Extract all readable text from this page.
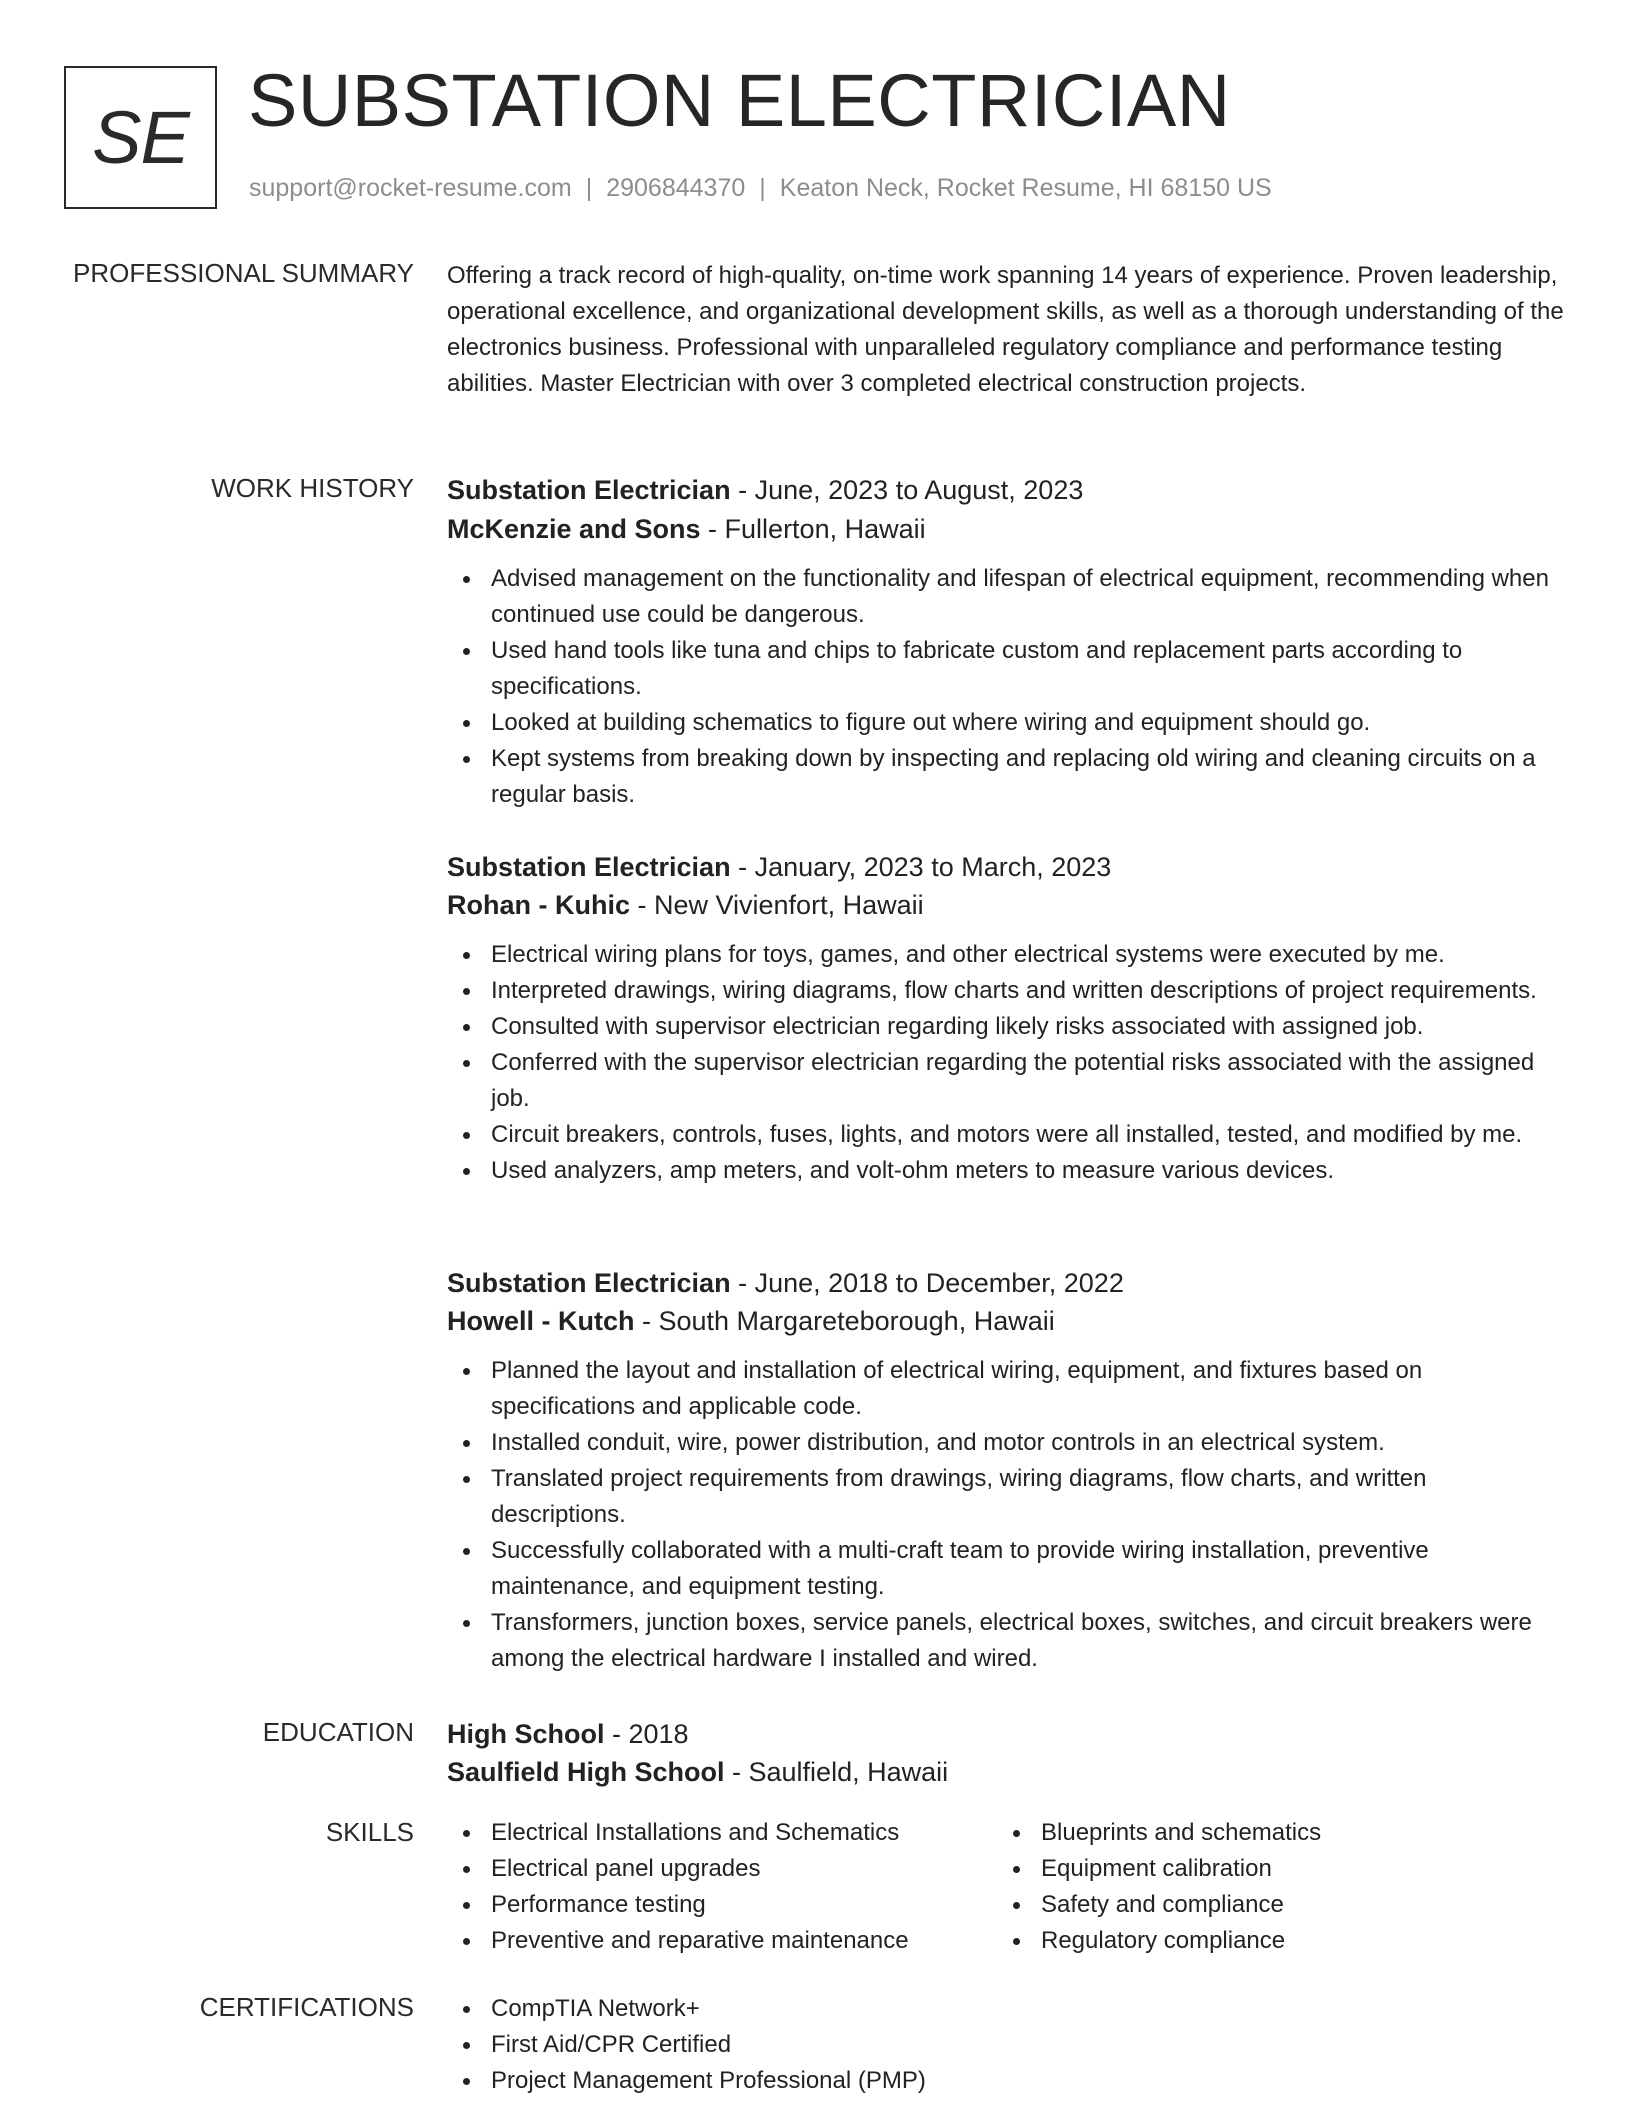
SE SUBSTATION ELECTRICIAN
support@rocket-resume.com | 2906844370 | Keaton Neck, Rocket Resume, HI 68150 US
PROFESSIONAL SUMMARY Offering a track record of high-quality, on-time work spanning 14 years of experience. Proven leadership, operational excellence, and organizational development skills, as well as a thorough understanding of the electronics business. Professional with unparalleled regulatory compliance and performance testing abilities. Master Electrician with over 3 completed electrical construction projects.
WORK HISTORY Substation Electrician - June, 2023 to August, 2023
McKenzie and Sons - Fullerton, Hawaii
Advised management on the functionality and lifespan of electrical equipment, recommending when continued use could be dangerous.
Used hand tools like tuna and chips to fabricate custom and replacement parts according to specifications.
Looked at building schematics to figure out where wiring and equipment should go.
Kept systems from breaking down by inspecting and replacing old wiring and cleaning circuits on a regular basis.
Substation Electrician - January, 2023 to March, 2023
Rohan - Kuhic - New Vivienfort, Hawaii
Electrical wiring plans for toys, games, and other electrical systems were executed by me.
Interpreted drawings, wiring diagrams, flow charts and written descriptions of project requirements.
Consulted with supervisor electrician regarding likely risks associated with assigned job.
Conferred with the supervisor electrician regarding the potential risks associated with the assigned job.
Circuit breakers, controls, fuses, lights, and motors were all installed, tested, and modified by me.
Used analyzers, amp meters, and volt-ohm meters to measure various devices.
Substation Electrician - June, 2018 to December, 2022
Howell - Kutch - South Margareteborough, Hawaii
Planned the layout and installation of electrical wiring, equipment, and fixtures based on specifications and applicable code.
Installed conduit, wire, power distribution, and motor controls in an electrical system.
Translated project requirements from drawings, wiring diagrams, flow charts, and written descriptions.
Successfully collaborated with a multi-craft team to provide wiring installation, preventive maintenance, and equipment testing.
Transformers, junction boxes, service panels, electrical boxes, switches, and circuit breakers were among the electrical hardware I installed and wired.
EDUCATION High School - 2018
Saulfield High School - Saulfield, Hawaii
SKILLS	Electrical Installations and Schematics
Electrical panel upgrades
Performance testing
Preventive and reparative maintenance
Blueprints and schematics
Equipment calibration
Safety and compliance
Regulatory compliance
CERTIFICATIONS	CompTIA Network+
First Aid/CPR Certified
Project Management Professional (PMP)
